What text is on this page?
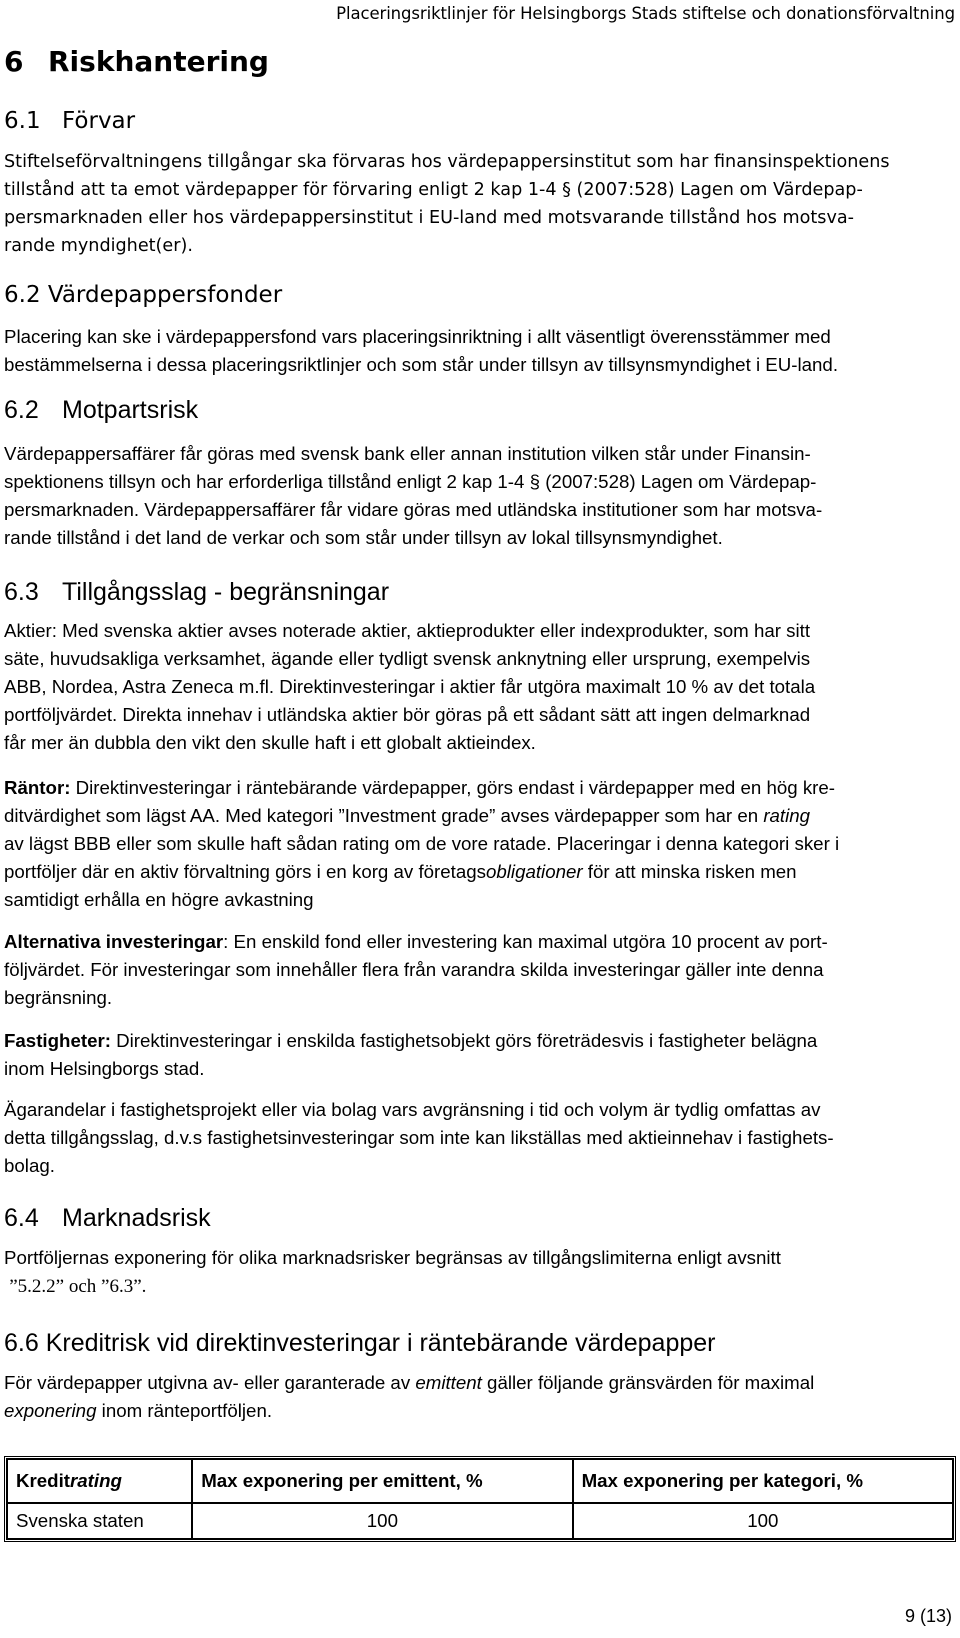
Placeringsriktlinjer för Helsingborgs Stads stiftelse och donationsförvaltning
6 Riskhantering
6.1 Förvar
Stiftelseförvaltningens tillgångar ska förvaras hos värdepappersinstitut som har finansinspektionens
tillstånd att ta emot värdepapper för förvaring enligt 2 kap 1-4 § (2007:528) Lagen om Värdepap-
persmarknaden eller hos värdepappersinstitut i EU-land med motsvarande tillstånd hos motsva-
rande myndighet(er).
6.2 Värdepappersfonder
Placering kan ske i värdepappersfond vars placeringsinriktning i allt väsentligt överensstämmer med
bestämmelserna i dessa placeringsriktlinjer och som står under tillsyn av tillsynsmyndighet i EU-land.
6.2 Motpartsrisk
Värdepappersaffärer får göras med svensk bank eller annan institution vilken står under Finansin-
spektionens tillsyn och har erforderliga tillstånd enligt 2 kap 1-4 § (2007:528) Lagen om Värdepap-
persmarknaden. Värdepappersaffärer får vidare göras med utländska institutioner som har motsva-
rande tillstånd i det land de verkar och som står under tillsyn av lokal tillsynsmyndighet.
6.3 Tillgångsslag - begränsningar
Aktier: Med svenska aktier avses noterade aktier, aktieprodukter eller indexprodukter, som har sitt
säte, huvudsakliga verksamhet, ägande eller tydligt svensk anknytning eller ursprung, exempelvis
ABB, Nordea, Astra Zeneca m.fl. Direktinvesteringar i aktier får utgöra maximalt 10 % av det totala
portföljvärdet. Direkta innehav i utländska aktier bör göras på ett sådant sätt att ingen delmarknad
får mer än dubbla den vikt den skulle haft i ett globalt aktieindex.
Räntor: Direktinvesteringar i räntebärande värdepapper, görs endast i värdepapper med en hög kre-
ditvärdighet som lägst AA. Med kategori ”Investment grade” avses värdepapper som har en rating
av lägst BBB eller som skulle haft sådan rating om de vore ratade. Placeringar i denna kategori sker i
portföljer där en aktiv förvaltning görs i en korg av företagsobligationer för att minska risken men
samtidigt erhålla en högre avkastning
Alternativa investeringar: En enskild fond eller investering kan maximal utgöra 10 procent av port-
följvärdet. För investeringar som innehåller flera från varandra skilda investeringar gäller inte denna
begränsning.
Fastigheter: Direktinvesteringar i enskilda fastighetsobjekt görs företrädesvis i fastigheter belägna
inom Helsingborgs stad.
Ägarandelar i fastighetsprojekt eller via bolag vars avgränsning i tid och volym är tydlig omfattas av
detta tillgångsslag, d.v.s fastighetsinvesteringar som inte kan likställas med aktieinnehav i fastighets-
bolag.
6.4 Marknadsrisk
Portföljernas exponering för olika marknadsrisker begränsas av tillgångslimiterna enligt avsnitt
”5.2.2” och ”6.3”.
6.6 Kreditrisk vid direktinvesteringar i räntebärande värdepapper
För värdepapper utgivna av- eller garanterade av emittent gäller följande gränsvärden för maximal
exponering inom ränteportföljen.
Kreditrating	Max exponering per emittent, %	Max exponering per kategori, %
Svenska staten	100	100
9 (13)
